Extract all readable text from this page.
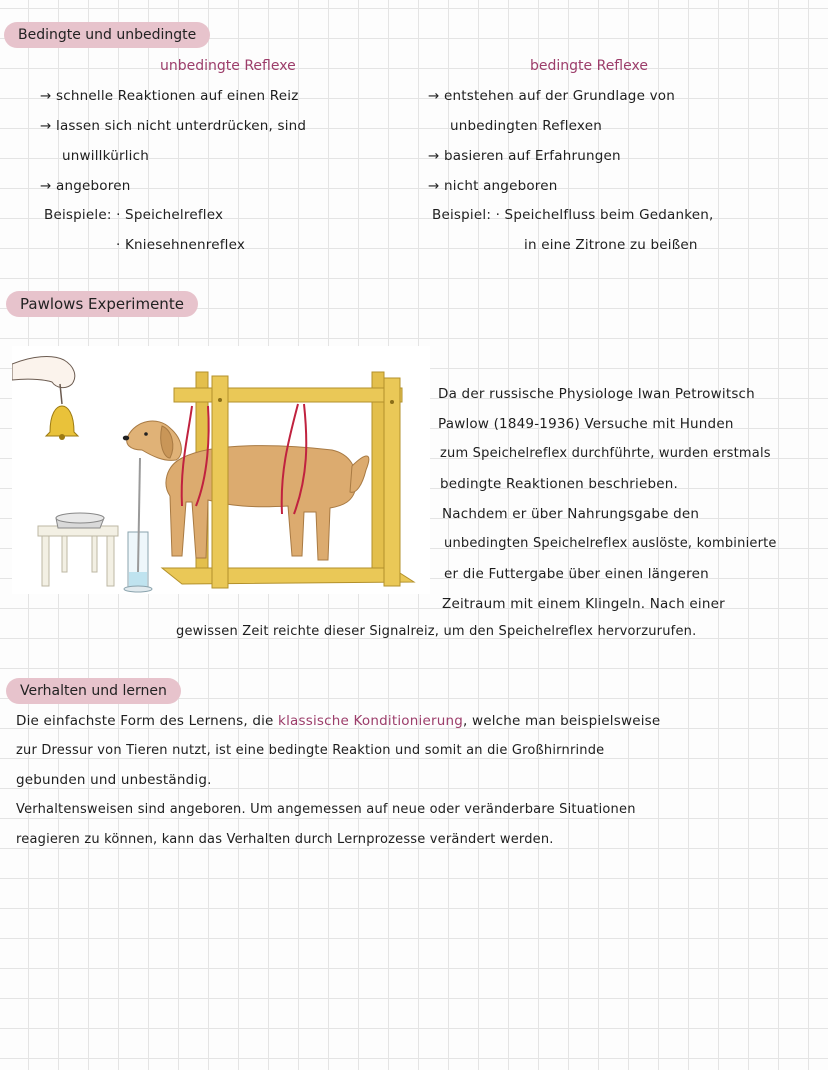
Bedingte und unbedingte
Pawlows Experimente
Verhalten und lernen
unbedingte Reflexe
→ schnelle Reaktionen auf einen Reiz
→ lassen sich nicht unterdrücken, sind
unwillkürlich
→ angeboren
Beispiele: · Speichelreflex
· Kniesehnenreflex
bedingte Reflexe
→ entstehen auf der Grundlage von
unbedingten Reflexen
→ basieren auf Erfahrungen
→ nicht angeboren
Beispiel: · Speichelfluss beim Gedanken,
in eine Zitrone zu beißen
Da der russische Physiologe Iwan Petrowitsch
Pawlow (1849-1936) Versuche mit Hunden
zum Speichelreflex durchführte, wurden erstmals
bedingte Reaktionen beschrieben.
Nachdem er über Nahrungsgabe den
unbedingten Speichelreflex auslöste, kombinierte
er die Futtergabe über einen längeren
Zeitraum mit einem Klingeln. Nach einer
gewissen Zeit reichte dieser Signalreiz, um den Speichelreflex hervorzurufen.
Die einfachste Form des Lernens, die klassische Konditionierung, welche man beispielsweise
zur Dressur von Tieren nutzt, ist eine bedingte Reaktion und somit an die Großhirnrinde
gebunden und unbeständig.
Verhaltensweisen sind angeboren. Um angemessen auf neue oder veränderbare Situationen
reagieren zu können, kann das Verhalten durch Lernprozesse verändert werden.
